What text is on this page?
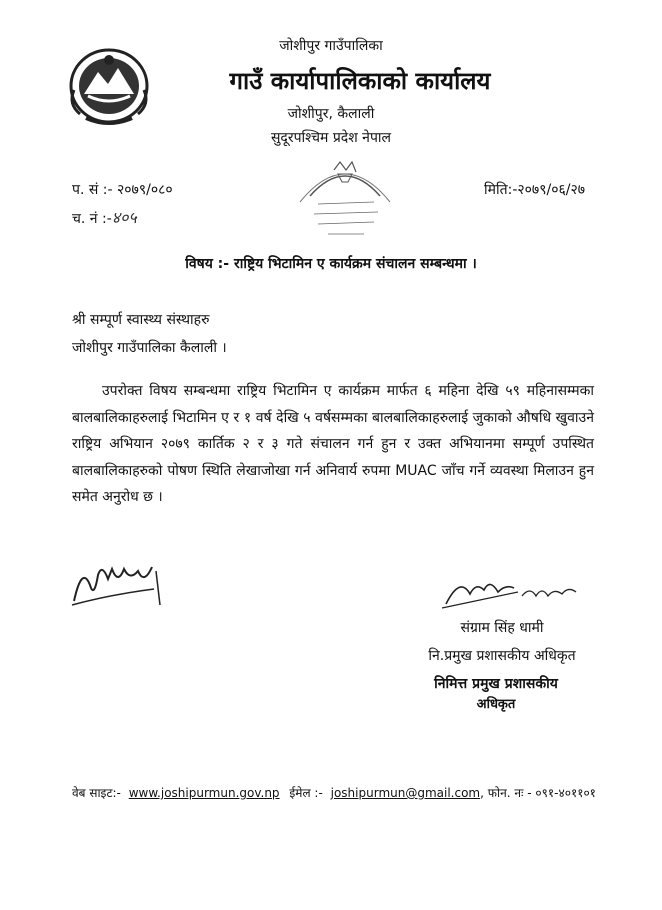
जोशीपुर गाउँपालिका
गाउँ कार्यापालिकाको कार्यालय
जोशीपुर, कैलाली
सुदूरपश्चिम प्रदेश नेपाल
प. सं :- २०७९/०८०
च. नं :-४०५
मिति:-२०७९/०६/२७
विषय :- राष्ट्रिय भिटामिन ए कार्यक्रम संचालन सम्बन्धमा ।
श्री सम्पूर्ण स्वास्थ्य संस्थाहरु
जोशीपुर गाउँपालिका कैलाली ।

उपरोक्त विषय सम्बन्धमा राष्ट्रिय भिटामिन ए कार्यक्रम मार्फत ६ महिना देखि ५९ महिनासम्मका बालबालिकाहरुलाई भिटामिन ए र १ वर्ष देखि ५ वर्षसम्मका बालबालिकाहरुलाई जुकाको औषधि खुवाउने राष्ट्रिय अभियान २०७९ कार्तिक २ र ३ गते संचालन गर्न हुन र उक्त अभियानमा सम्पूर्ण उपस्थित बालबालिकाहरुको पोषण स्थिति लेखाजोखा गर्न अनिवार्य रुपमा MUAC जाँच गर्ने व्यवस्था मिलाउन हुन समेत अनुरोध छ ।

संग्राम सिंह धामी
नि.प्रमुख प्रशासकीय अधिकृत
निमित्त प्रमुख प्रशासकीय
अधिकृत
वेब साइट:- www.joshipurmun.gov.np ईमेल :- joshipurmun@gmail.com, फोन. नः - ०९१-४०११०१
